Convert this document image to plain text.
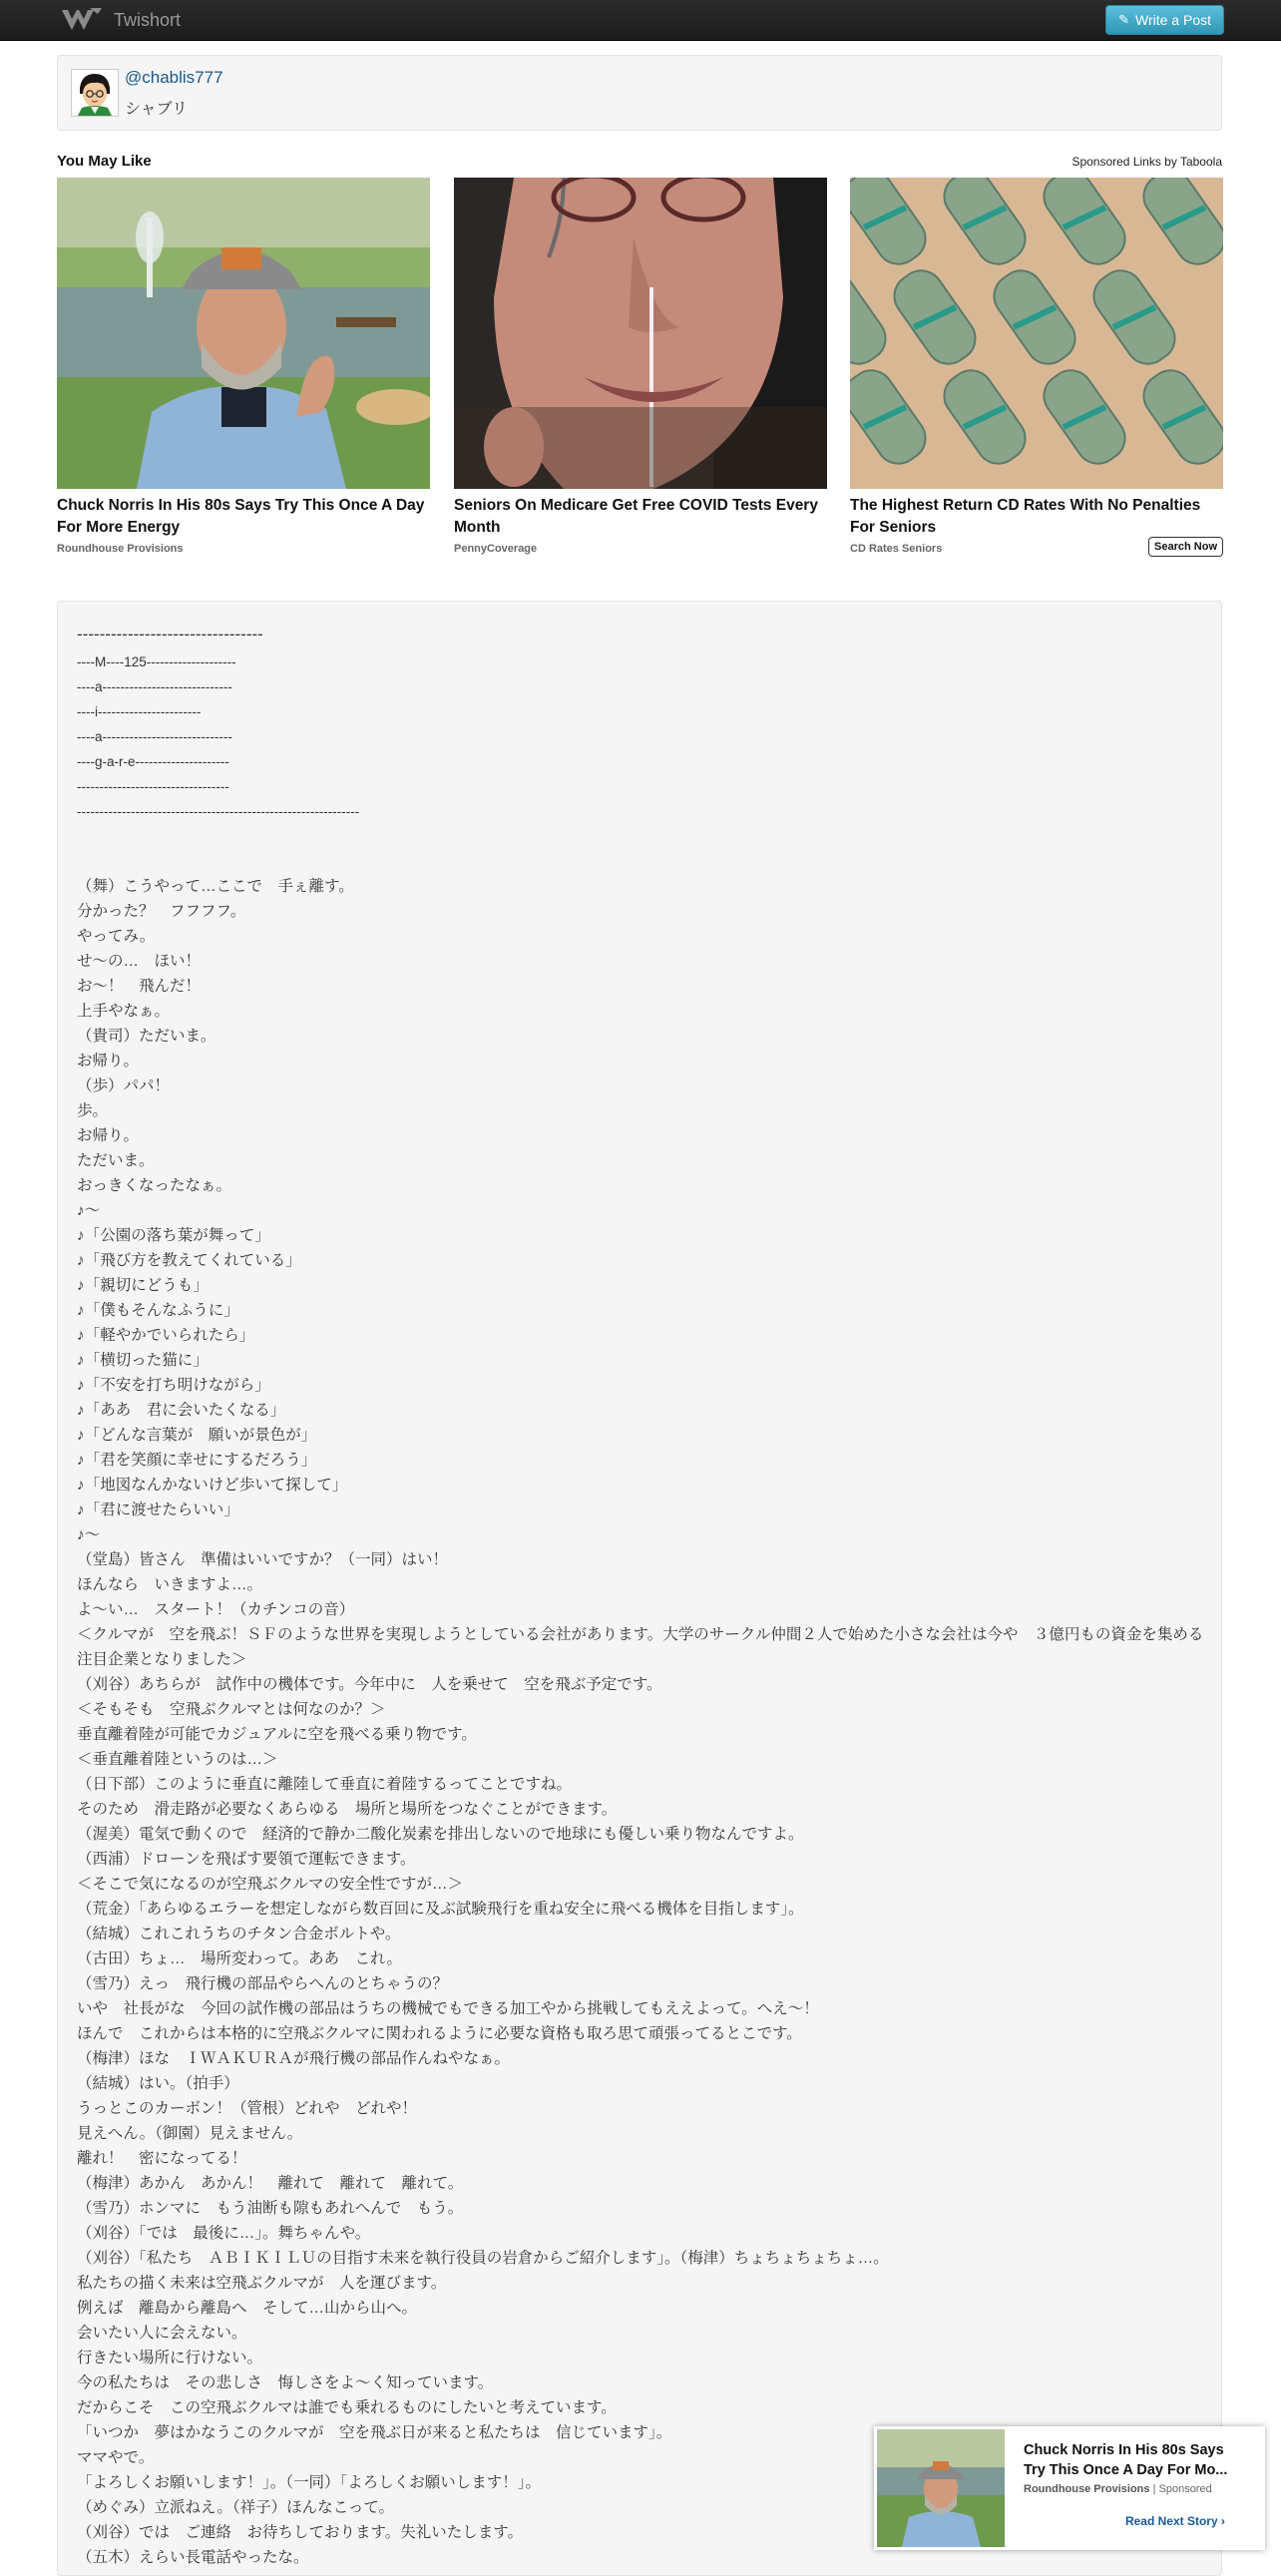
Twishort	✎ Write a Post
@chablis777
シャブリ
You May Like	Sponsored Links by Taboola
Chuck Norris In His 80s Says Try This Once A Day For More Energy
Roundhouse Provisions
Seniors On Medicare Get Free COVID Tests Every Month
PennyCoverage
The Highest Return CD Rates With No Penalties For Seniors
CD Rates Seniors	Search Now
---------------------------------
----M----125--------------------
----a-----------------------------
----i-----------------------
----a-----------------------------
----g-a-r-e---------------------
----------------------------------
---------------------------------------------------------------
（舞）こうやって…ここで　手ぇ離す。
分かった？　フフフフ。
やってみ。
せ～の…　ほい！
お～！　飛んだ！
上手やなぁ。
（貴司）ただいま。
お帰り。
（歩）パパ！
歩。
お帰り。
ただいま。
おっきくなったなぁ。
♪～
♪「公園の落ち葉が舞って」
♪「飛び方を教えてくれている」
♪「親切にどうも」
♪「僕もそんなふうに」
♪「軽やかでいられたら」
♪「横切った猫に」
♪「不安を打ち明けながら」
♪「ああ　君に会いたくなる」
♪「どんな言葉が　願いが景色が」
♪「君を笑顔に幸せにするだろう」
♪「地図なんかないけど歩いて探して」
♪「君に渡せたらいい」
♪～
（堂島）皆さん　準備はいいですか？（一同）はい！
ほんなら　いきますよ…。
よ～い…　スタート！（カチンコの音）
＜クルマが　空を飛ぶ！ＳＦのような世界を実現しようとしている会社があります。大学のサークル仲間２人で始めた小さな会社は今や　３億円もの資金を集める注目企業となりました＞
（刈谷）あちらが　試作中の機体です。今年中に　人を乗せて　空を飛ぶ予定です。
＜そもそも　空飛ぶクルマとは何なのか？＞
垂直離着陸が可能でカジュアルに空を飛べる乗り物です。
＜垂直離着陸というのは…＞
（日下部）このように垂直に離陸して垂直に着陸するってことですね。
そのため　滑走路が必要なくあらゆる　場所と場所をつなぐことができます。
（渥美）電気で動くので　経済的で静か二酸化炭素を排出しないので地球にも優しい乗り物なんですよ。
（西浦）ドローンを飛ばす要領で運転できます。
＜そこで気になるのが空飛ぶクルマの安全性ですが…＞
（荒金）「あらゆるエラーを想定しながら数百回に及ぶ試験飛行を重ね安全に飛べる機体を目指します」。
（結城）これこれうちのチタン合金ボルトや。
（古田）ちょ…　場所変わって。ああ　これ。
（雪乃）えっ　飛行機の部品やらへんのとちゃうの？
いや　社長がな　今回の試作機の部品はうちの機械でもできる加工やから挑戦してもええよって。へえ～！
ほんで　これからは本格的に空飛ぶクルマに関われるように必要な資格も取ろ思て頑張ってるとこです。
（梅津）ほな　ＩＷＡＫＵＲＡが飛行機の部品作んねやなぁ。
（結城）はい。（拍手）
うっとこのカーボン！（管根）どれや　どれや！
見えへん。（御園）見えません。
離れ！　密になってる！
（梅津）あかん　あかん！　離れて　離れて　離れて。
（雪乃）ホンマに　もう油断も隙もあれへんで　もう。
（刈谷）「では　最後に…」。舞ちゃんや。
（刈谷）「私たち　ＡＢＩＫＩＬＵの目指す未来を執行役員の岩倉からご紹介します」。（梅津）ちょちょちょちょ…。
私たちの描く未来は空飛ぶクルマが　人を運びます。
例えば　離島から離島へ　そして…山から山へ。
会いたい人に会えない。
行きたい場所に行けない。
今の私たちは　その悲しさ　悔しさをよ～く知っています。
だからこそ　この空飛ぶクルマは誰でも乗れるものにしたいと考えています。
「いつか　夢はかなうこのクルマが　空を飛ぶ日が来ると私たちは　信じています」。
ママやで。
「よろしくお願いします！」。（一同）「よろしくお願いします！」。
（めぐみ）立派ねえ。（祥子）ほんなこって。
（刈谷）では　ご連絡　お待ちしております。失礼いたします。
（五木）えらい長電話やったな。
Chuck Norris In His 80s Says Try This Once A Day For Mo...
Roundhouse Provisions | Sponsored
Read Next Story ›
